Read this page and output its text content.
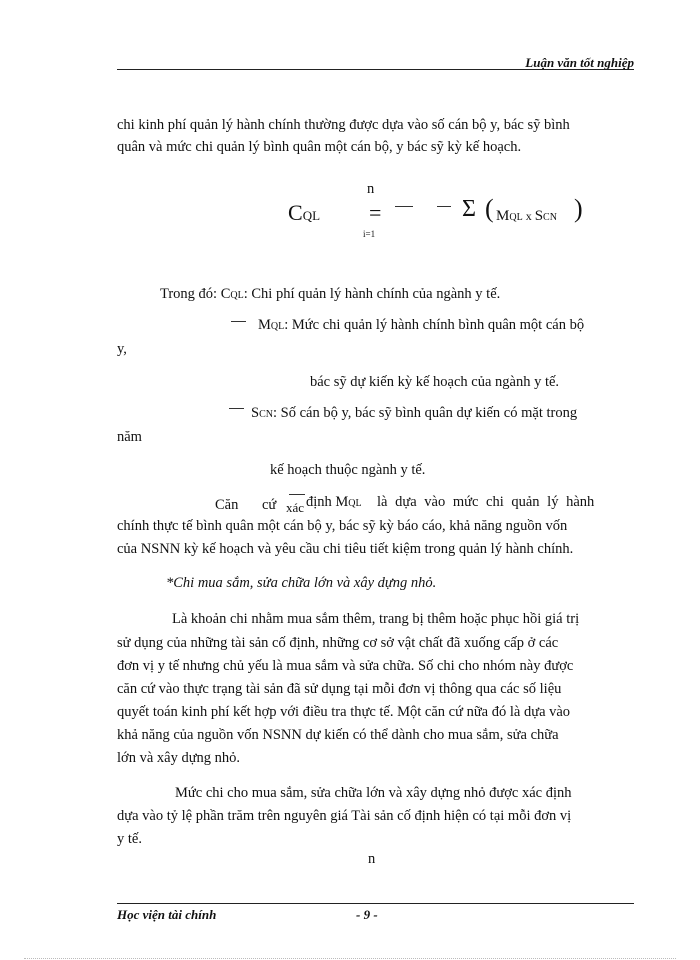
Luận văn tốt nghiệp
chi kinh phí quản lý hành chính thường được dựa vào số cán bộ y, bác sỹ bình
quân và mức chi quản lý bình quân một cán bộ, y bác sỹ kỳ kế hoạch.
n
CQL =
i=1
Σ ( MQL x SCN )
Trong đó: CQL: Chi phí quản lý hành chính của ngành y tế.
MQL: Mức chi quản lý hành chính bình quân một cán bộ
y,
bác sỹ dự kiến kỳ kế hoạch của ngành y tế.
SCN: Số cán bộ y, bác sỹ bình quân dự kiến có mặt trong
năm
kế hoạch thuộc ngành y tế.
Căn cứ xác định MQL là dựa vào mức chi quản lý hành
chính thực tế bình quân một cán bộ y, bác sỹ kỳ báo cáo, khả năng nguồn vốn
của NSNN kỳ kế hoạch và yêu cầu chi tiêu tiết kiệm trong quản lý hành chính.
*Chi mua sắm, sửa chữa lớn và xây dựng nhỏ.
Là khoản chi nhằm mua sắm thêm, trang bị thêm hoặc phục hồi giá trị
sử dụng của những tài sản cố định, những cơ sở vật chất đã xuống cấp ở các
đơn vị y tế nhưng chủ yếu là mua sắm và sửa chữa. Số chi cho nhóm này được
căn cứ vào thực trạng tài sản đã sử dụng tại mỗi đơn vị thông qua các số liệu
quyết toán kinh phí kết hợp với điều tra thực tế. Một căn cứ nữa đó là dựa vào
khả năng của nguồn vốn NSNN dự kiến có thể dành cho mua sắm, sửa chữa
lớn và xây dựng nhỏ.
Mức chi cho mua sắm, sửa chữa lớn và xây dựng nhỏ được xác định
dựa vào tỷ lệ phần trăm trên nguyên giá Tài sản cố định hiện có tại mỗi đơn vị
y tế.
n
Học viện tài chính	- 9 -
